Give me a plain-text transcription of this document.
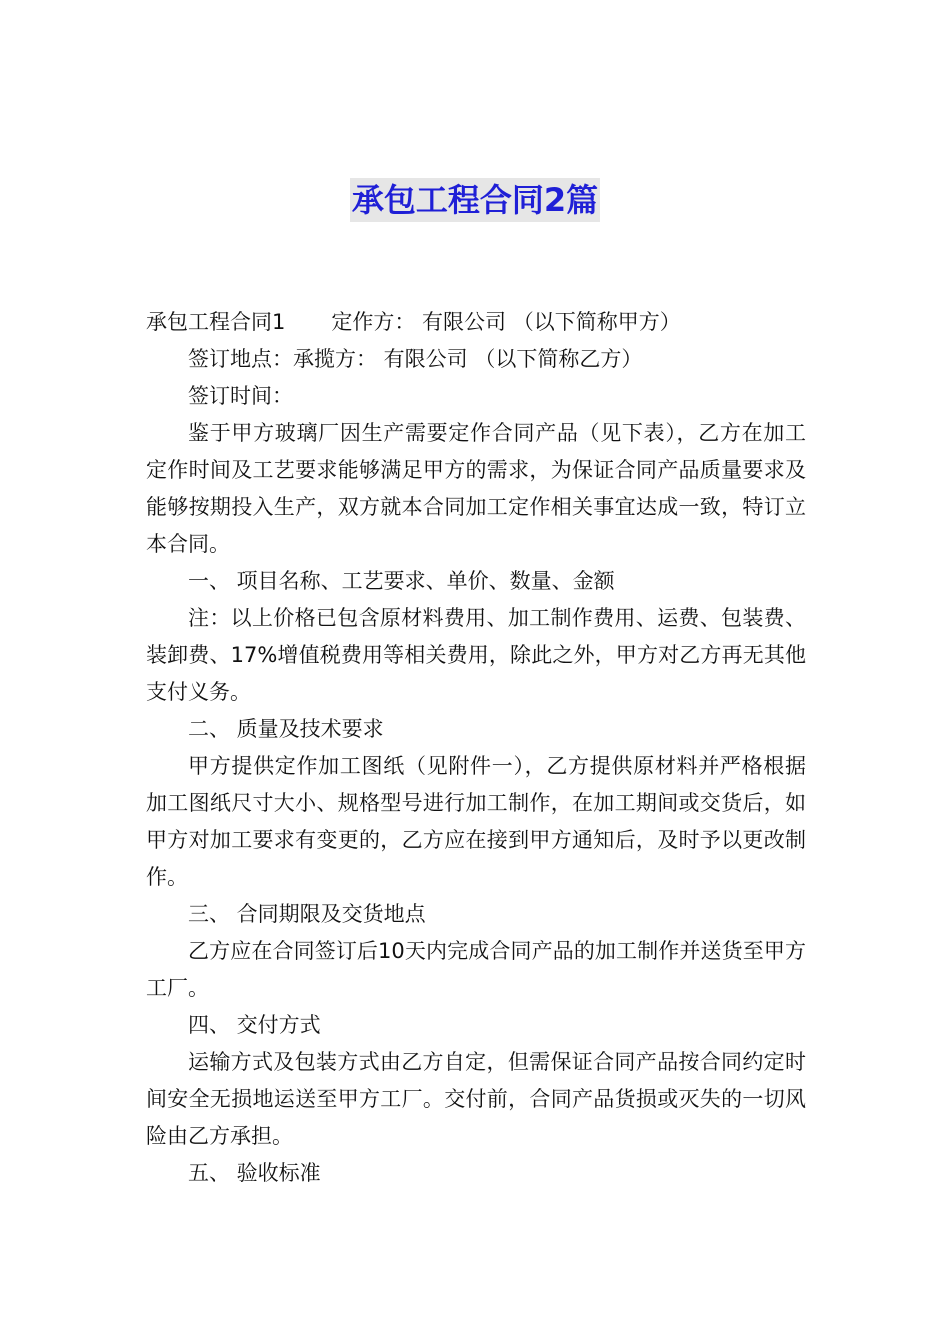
承包工程合同2篇

承包工程合同1 定作方： 有限公司 （以下简称甲方）

签订地点：承揽方： 有限公司 （以下简称乙方）

签订时间：

鉴于甲方玻璃厂因生产需要定作合同产品（见下表），乙方在加工定作时间及工艺要求能够满足甲方的需求，为保证合同产品质量要求及能够按期投入生产，双方就本合同加工定作相关事宜达成一致，特订立本合同。

一、 项目名称、工艺要求、单价、数量、金额

注：以上价格已包含原材料费用、加工制作费用、运费、包装费、装卸费、17%增值税费用等相关费用，除此之外，甲方对乙方再无其他支付义务。

二、 质量及技术要求

甲方提供定作加工图纸（见附件一），乙方提供原材料并严格根据加工图纸尺寸大小、规格型号进行加工制作，在加工期间或交货后，如甲方对加工要求有变更的，乙方应在接到甲方通知后，及时予以更改制作。

三、 合同期限及交货地点

乙方应在合同签订后10天内完成合同产品的加工制作并送货至甲方工厂。

四、 交付方式

运输方式及包装方式由乙方自定，但需保证合同产品按合同约定时间安全无损地运送至甲方工厂。交付前，合同产品货损或灭失的一切风险由乙方承担。

五、 验收标准
